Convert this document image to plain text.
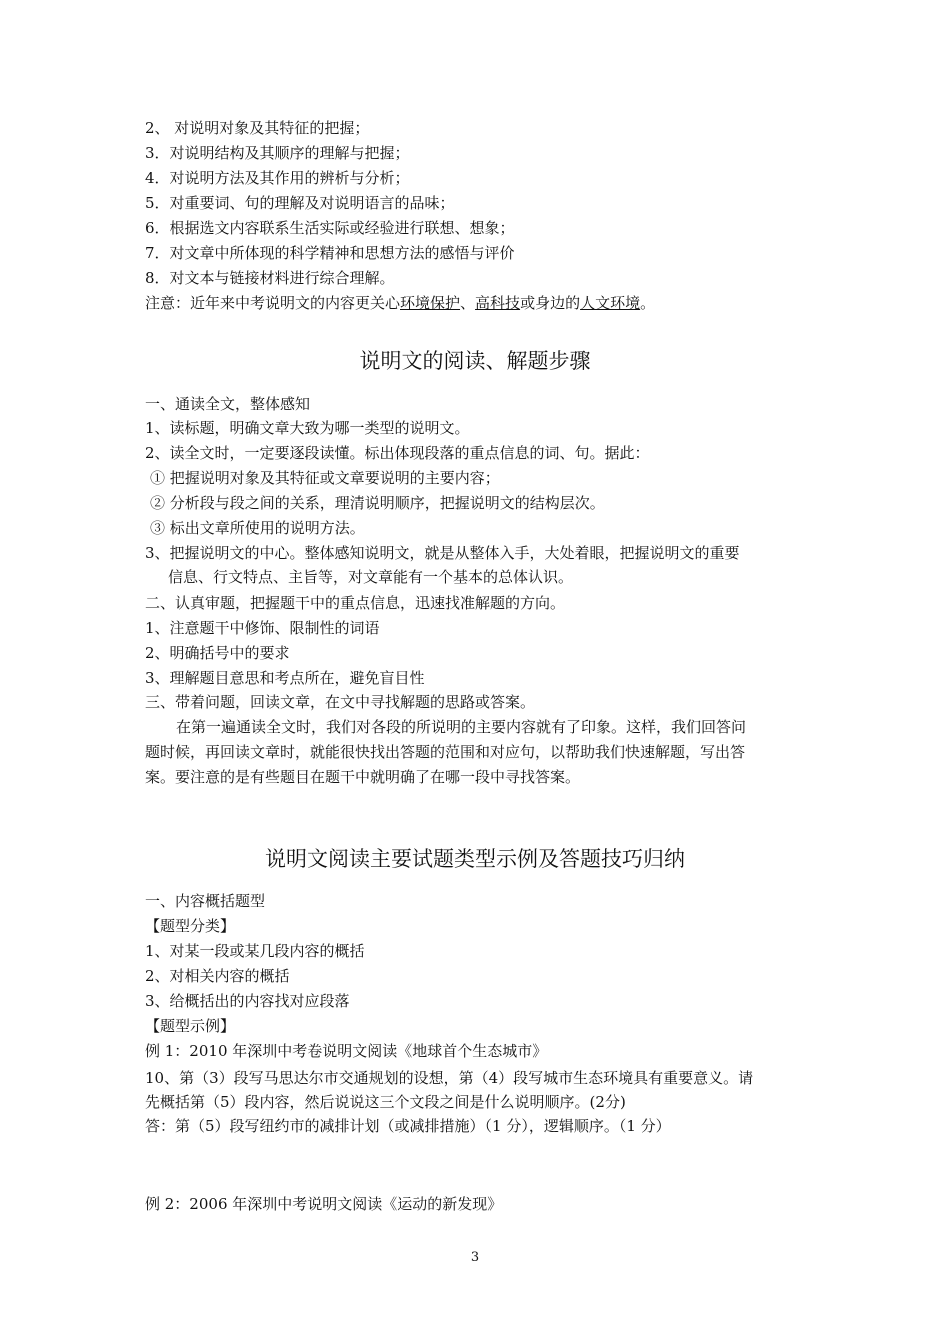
2、 对说明对象及其特征的把握；
3．对说明结构及其顺序的理解与把握；
4．对说明方法及其作用的辨析与分析；
5．对重要词、句的理解及对说明语言的品味；
6．根据选文内容联系生活实际或经验进行联想、想象；
7．对文章中所体现的科学精神和思想方法的感悟与评价
8．对文本与链接材料进行综合理解。
注意：近年来中考说明文的内容更关心环境保护、高科技或身边的人文环境。
说明文的阅读、解题步骤
一、通读全文，整体感知
1、读标题，明确文章大致为哪一类型的说明文。
2、读全文时，一定要逐段读懂。标出体现段落的重点信息的词、句。据此：
① 把握说明对象及其特征或文章要说明的主要内容；
② 分析段与段之间的关系，理清说明顺序，把握说明文的结构层次。
③ 标出文章所使用的说明方法。
3、把握说明文的中心。整体感知说明文，就是从整体入手，大处着眼，把握说明文的重要
信息、行文特点、主旨等，对文章能有一个基本的总体认识。
二、认真审题，把握题干中的重点信息，迅速找准解题的方向。
1、注意题干中修饰、限制性的词语
2、明确括号中的要求
3、理解题目意思和考点所在，避免盲目性
三、带着问题，回读文章，在文中寻找解题的思路或答案。
在第一遍通读全文时，我们对各段的所说明的主要内容就有了印象。这样，我们回答问
题时候，再回读文章时，就能很快找出答题的范围和对应句，以帮助我们快速解题，写出答
案。要注意的是有些题目在题干中就明确了在哪一段中寻找答案。
说明文阅读主要试题类型示例及答题技巧归纳
一、内容概括题型
【题型分类】
1、对某一段或某几段内容的概括
2、对相关内容的概括
3、给概括出的内容找对应段落
【题型示例】
例 1：2010 年深圳中考卷说明文阅读《地球首个生态城市》
10、第（3）段写马思达尔市交通规划的设想，第（4）段写城市生态环境具有重要意义。请
先概括第（5）段内容，然后说说这三个文段之间是什么说明顺序。(2分)
答：第（5）段写纽约市的减排计划（或减排措施）（1 分），逻辑顺序。（1 分）
例 2：2006 年深圳中考说明文阅读《运动的新发现》
3
